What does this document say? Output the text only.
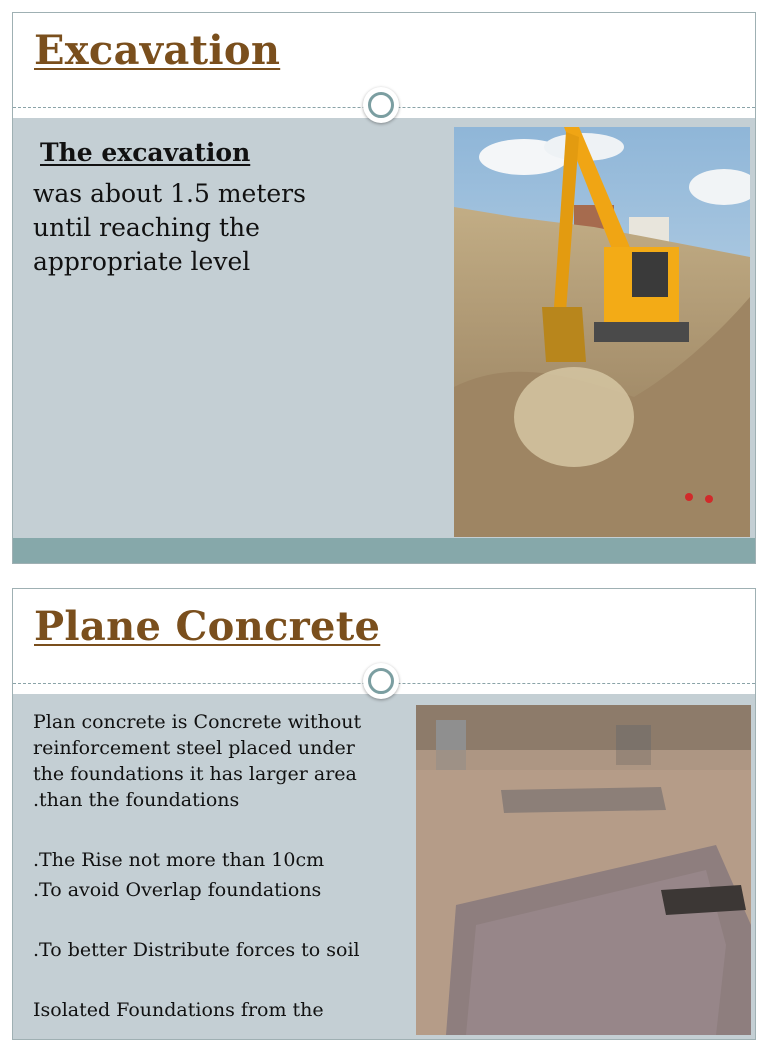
Excavation
The excavation

was about 1.5 meters
until reaching the
appropriate level

Plane Concrete

Plan concrete is Concrete without
reinforcement steel placed under
the foundations it has larger area
.than the foundations

.The Rise not more than 10cm

.To avoid Overlap foundations

.To better Distribute forces to soil

Isolated Foundations from the
